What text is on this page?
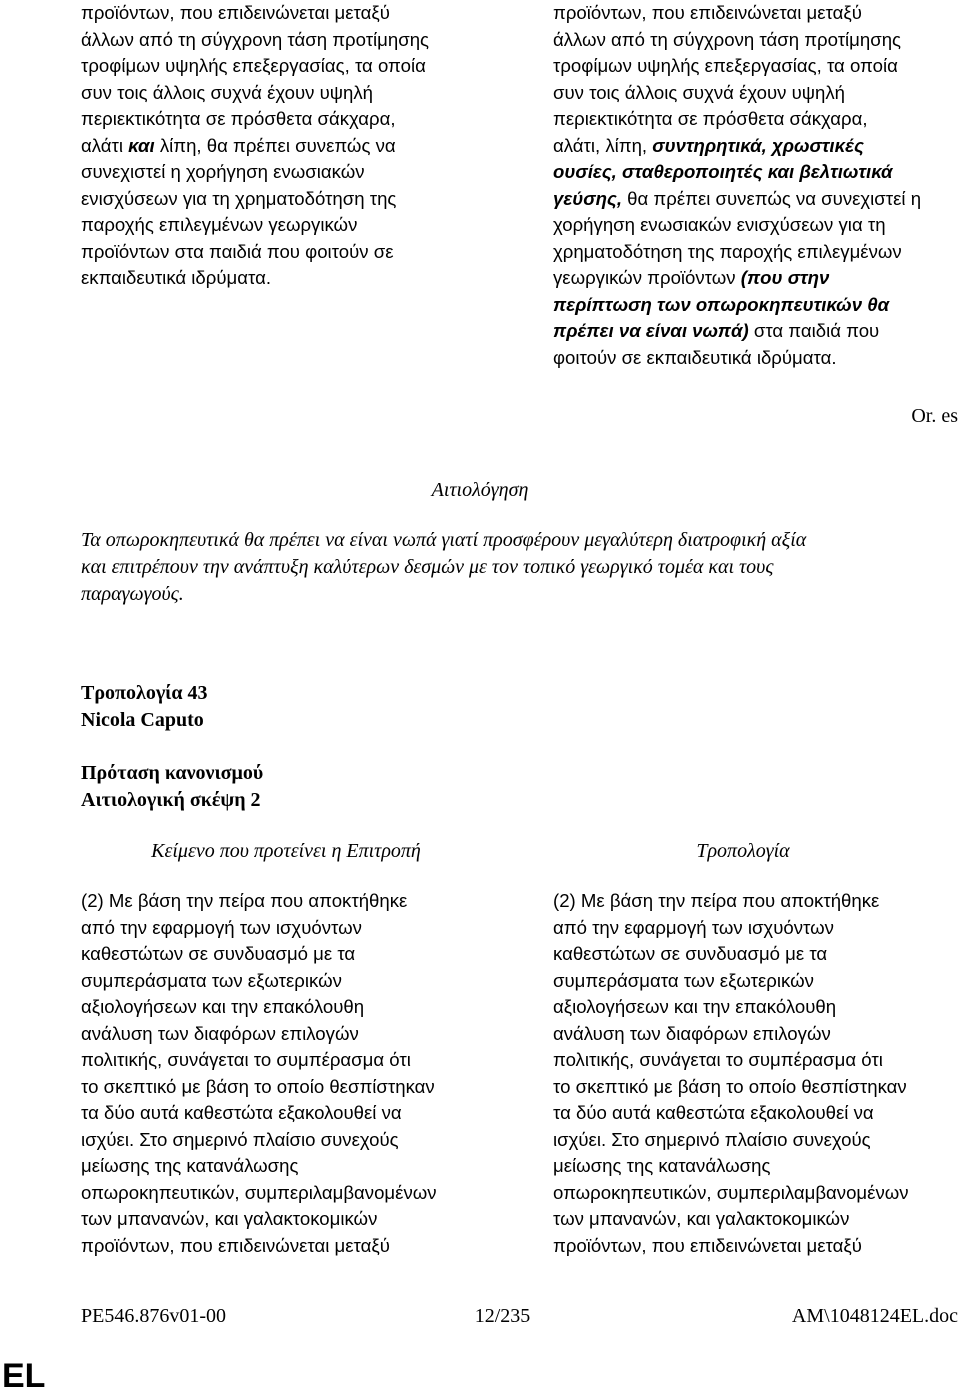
προϊόντων, που επιδεινώνεται μεταξύ
άλλων από τη σύγχρονη τάση προτίμησης
τροφίμων υψηλής επεξεργασίας, τα οποία
συν τοις άλλοις συχνά έχουν υψηλή
περιεκτικότητα σε πρόσθετα σάκχαρα,
αλάτι και λίπη, θα πρέπει συνεπώς να
συνεχιστεί η χορήγηση ενωσιακών
ενισχύσεων για τη χρηματοδότηση της
παροχής επιλεγμένων γεωργικών
προϊόντων στα παιδιά που φοιτούν σε
εκπαιδευτικά ιδρύματα.
προϊόντων, που επιδεινώνεται μεταξύ
άλλων από τη σύγχρονη τάση προτίμησης
τροφίμων υψηλής επεξεργασίας, τα οποία
συν τοις άλλοις συχνά έχουν υψηλή
περιεκτικότητα σε πρόσθετα σάκχαρα,
αλάτι, λίπη, συντηρητικά, χρωστικές
ουσίες, σταθεροποιητές και βελτιωτικά
γεύσης, θα πρέπει συνεπώς να συνεχιστεί η
χορήγηση ενωσιακών ενισχύσεων για τη
χρηματοδότηση της παροχής επιλεγμένων
γεωργικών προϊόντων (που στην
περίπτωση των οπωροκηπευτικών θα
πρέπει να είναι νωπά) στα παιδιά που
φοιτούν σε εκπαιδευτικά ιδρύματα.
Or. es
Αιτιολόγηση
Τα οπωροκηπευτικά θα πρέπει να είναι νωπά γιατί προσφέρουν μεγαλύτερη διατροφική αξία
και επιτρέπουν την ανάπτυξη καλύτερων δεσμών με τον τοπικό γεωργικό τομέα και τους
παραγωγούς.
Τροπολογία 43
Nicola Caputo
Πρόταση κανονισμού
Αιτιολογική σκέψη 2
Κείμενο που προτείνει η Επιτροπή	Τροπολογία
(2) Με βάση την πείρα που αποκτήθηκε
από την εφαρμογή των ισχυόντων
καθεστώτων σε συνδυασμό με τα
συμπεράσματα των εξωτερικών
αξιολογήσεων και την επακόλουθη
ανάλυση των διαφόρων επιλογών
πολιτικής, συνάγεται το συμπέρασμα ότι
το σκεπτικό με βάση το οποίο θεσπίστηκαν
τα δύο αυτά καθεστώτα εξακολουθεί να
ισχύει. Στο σημερινό πλαίσιο συνεχούς
μείωσης της κατανάλωσης
οπωροκηπευτικών, συμπεριλαμβανομένων
των μπανανών, και γαλακτοκομικών
προϊόντων, που επιδεινώνεται μεταξύ
(2) Με βάση την πείρα που αποκτήθηκε
από την εφαρμογή των ισχυόντων
καθεστώτων σε συνδυασμό με τα
συμπεράσματα των εξωτερικών
αξιολογήσεων και την επακόλουθη
ανάλυση των διαφόρων επιλογών
πολιτικής, συνάγεται το συμπέρασμα ότι
το σκεπτικό με βάση το οποίο θεσπίστηκαν
τα δύο αυτά καθεστώτα εξακολουθεί να
ισχύει. Στο σημερινό πλαίσιο συνεχούς
μείωσης της κατανάλωσης
οπωροκηπευτικών, συμπεριλαμβανομένων
των μπανανών, και γαλακτοκομικών
προϊόντων, που επιδεινώνεται μεταξύ
PE546.876v01-00	12/235	AM\1048124EL.doc
EL
